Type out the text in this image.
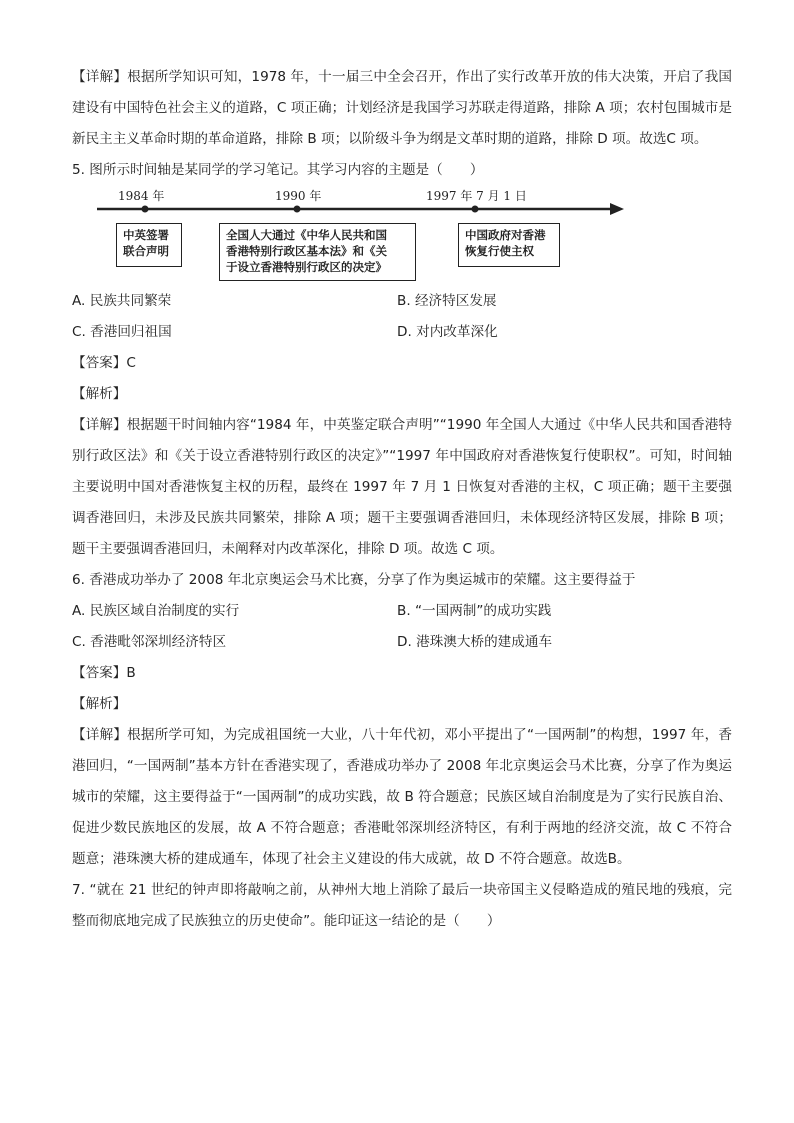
【详解】根据所学知识可知，1978 年，十一届三中全会召开，作出了实行改革开放的伟大决策，开启了我国建设有中国特色社会主义的道路，C 项正确；计划经济是我国学习苏联走得道路，排除 A 项；农村包围城市是新民主主义革命时期的革命道路，排除 B 项；以阶级斗争为纲是文革时期的道路，排除 D 项。故选C 项。

5. 图所示时间轴是某同学的学习笔记。其学习内容的主题是（　　）

1984 年	1990 年	1997 年 7 月 1 日
中英签署
联合声明
全国人大通过《中华人民共和国
香港特别行政区基本法》和《关
于设立香港特别行政区的决定》
中国政府对香港
恢复行使主权
A. 民族共同繁荣	B. 经济特区发展
C. 香港回归祖国	D. 对内改革深化
【答案】C
【解析】

【详解】根据题干时间轴内容“1984 年，中英鉴定联合声明”“1990 年全国人大通过《中华人民共和国香港特别行政区法》和《关于设立香港特别行政区的决定》”“1997 年中国政府对香港恢复行使职权”。可知，时间轴主要说明中国对香港恢复主权的历程，最终在 1997 年 7 月 1 日恢复对香港的主权，C 项正确；题干主要强调香港回归，未涉及民族共同繁荣，排除 A 项；题干主要强调香港回归，未体现经济特区发展，排除 B 项；题干主要强调香港回归，未阐释对内改革深化，排除 D 项。故选 C 项。

6. 香港成功举办了 2008 年北京奥运会马术比赛，分享了作为奥运城市的荣耀。这主要得益于

A. 民族区域自治制度的实行	B. “一国两制”的成功实践
C. 香港毗邻深圳经济特区	D. 港珠澳大桥的建成通车
【答案】B
【解析】

【详解】根据所学可知，为完成祖国统一大业，八十年代初，邓小平提出了“一国两制”的构想，1997 年，香港回归，“一国两制”基本方针在香港实现了，香港成功举办了 2008 年北京奥运会马术比赛，分享了作为奥运城市的荣耀，这主要得益于“一国两制”的成功实践，故 B 符合题意；民族区域自治制度是为了实行民族自治、促进少数民族地区的发展，故 A 不符合题意；香港毗邻深圳经济特区，有利于两地的经济交流，故 C 不符合题意；港珠澳大桥的建成通车，体现了社会主义建设的伟大成就，故 D 不符合题意。故选B。

7. “就在 21 世纪的钟声即将敲响之前，从神州大地上消除了最后一块帝国主义侵略造成的殖民地的残痕，完整而彻底地完成了民族独立的历史使命”。能印证这一结论的是（　　）
